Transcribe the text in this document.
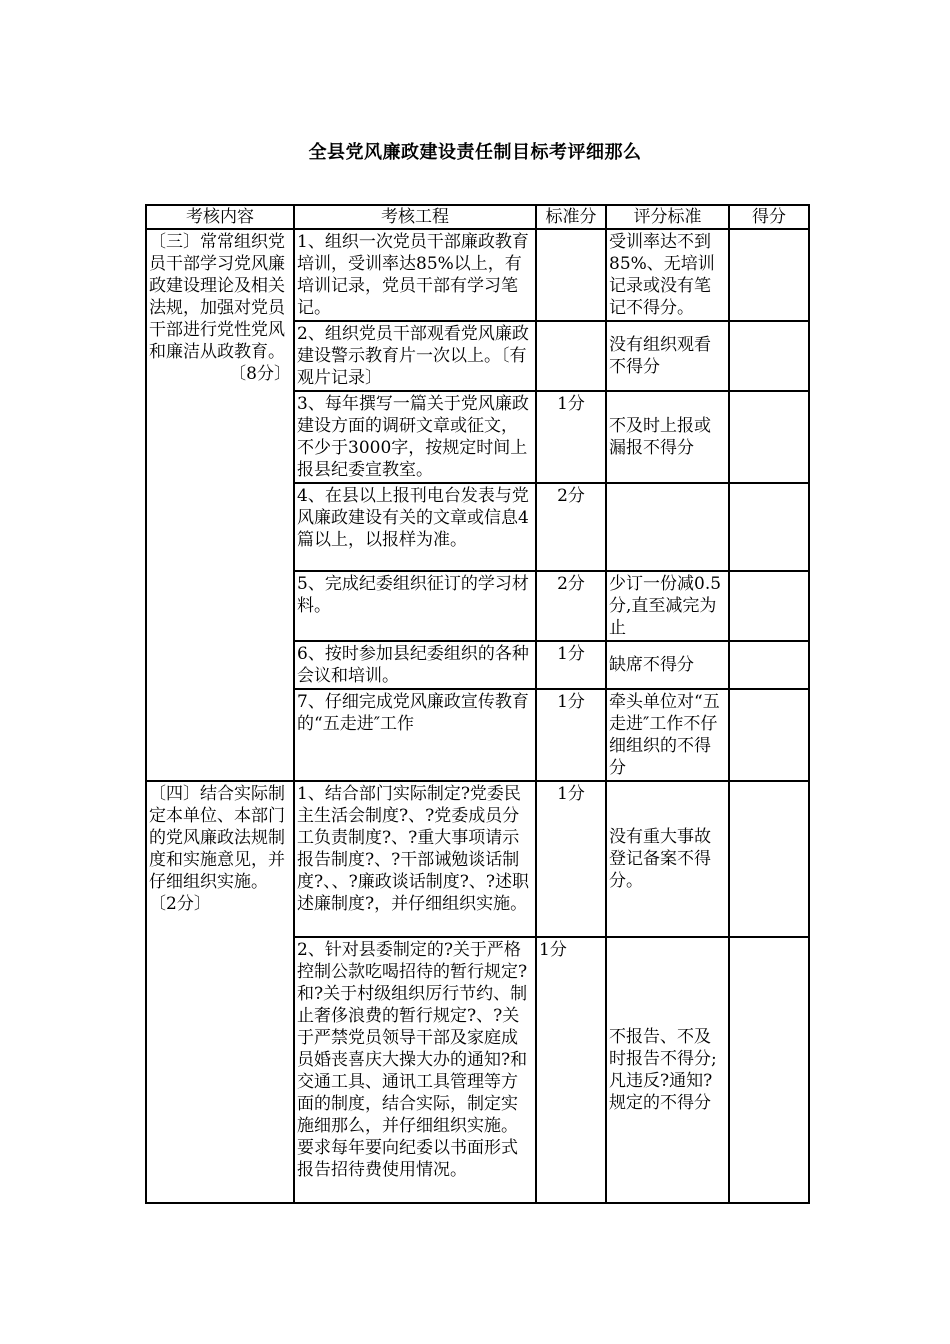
全县党风廉政建设责任制目标考评细那么
考核内容	考核工程	标准分	评分标准	得分

〔三〕常常组织党员干部学习党风廉政建设理论及相关法规，加强对党员干部进行党性党风和廉洁从政教育。
〔8分〕	1、组织一次党员干部廉政教育培训，受训率达85%以上，有培训记录，党员干部有学习笔记。		受训率达不到85%、无培训记录或没有笔记不得分。	
	2、组织党员干部观看党风廉政建设警示教育片一次以上。〔有观片记录〕		没有组织观看不得分	
	3、每年撰写一篇关于党风廉政建设方面的调研文章或征文，不少于3000字，按规定时间上报县纪委宣教室。	1分	不及时上报或漏报不得分	
	4、在县以上报刊电台发表与党风廉政建设有关的文章或信息4篇以上，以报样为准。	2分		
	5、完成纪委组织征订的学习材料。	2分	少订一份减0.5分,直至减完为止	
	6、按时参加县纪委组织的各种会议和培训。	1分	缺席不得分	
	7、仔细完成党风廉政宣传教育的“五走进″工作	1分	牵头单位对“五走进″工作不仔细组织的不得分	

〔四〕结合实际制定本单位、本部门的党风廉政法规制度和实施意见，并仔细组织实施。
〔2分〕	1、结合部门实际制定?党委民主生活会制度?、?党委成员分工负责制度?、?重大事项请示报告制度?、?干部诫勉谈话制度?、、?廉政谈话制度?、?述职述廉制度?，并仔细组织实施。	1分	没有重大事故登记备案不得分。	
	2、针对县委制定的?关于严格控制公款吃喝招待的暂行规定?和?关于村级组织厉行节约、制止奢侈浪费的暂行规定?、?关于严禁党员领导干部及家庭成员婚丧喜庆大操大办的通知?和交通工具、通讯工具管理等方面的制度，结合实际，制定实施细那么，并仔细组织实施。要求每年要向纪委以书面形式报告招待费使用情况。	1分	不报告、不及时报告不得分;凡违反?通知?规定的不得分	
